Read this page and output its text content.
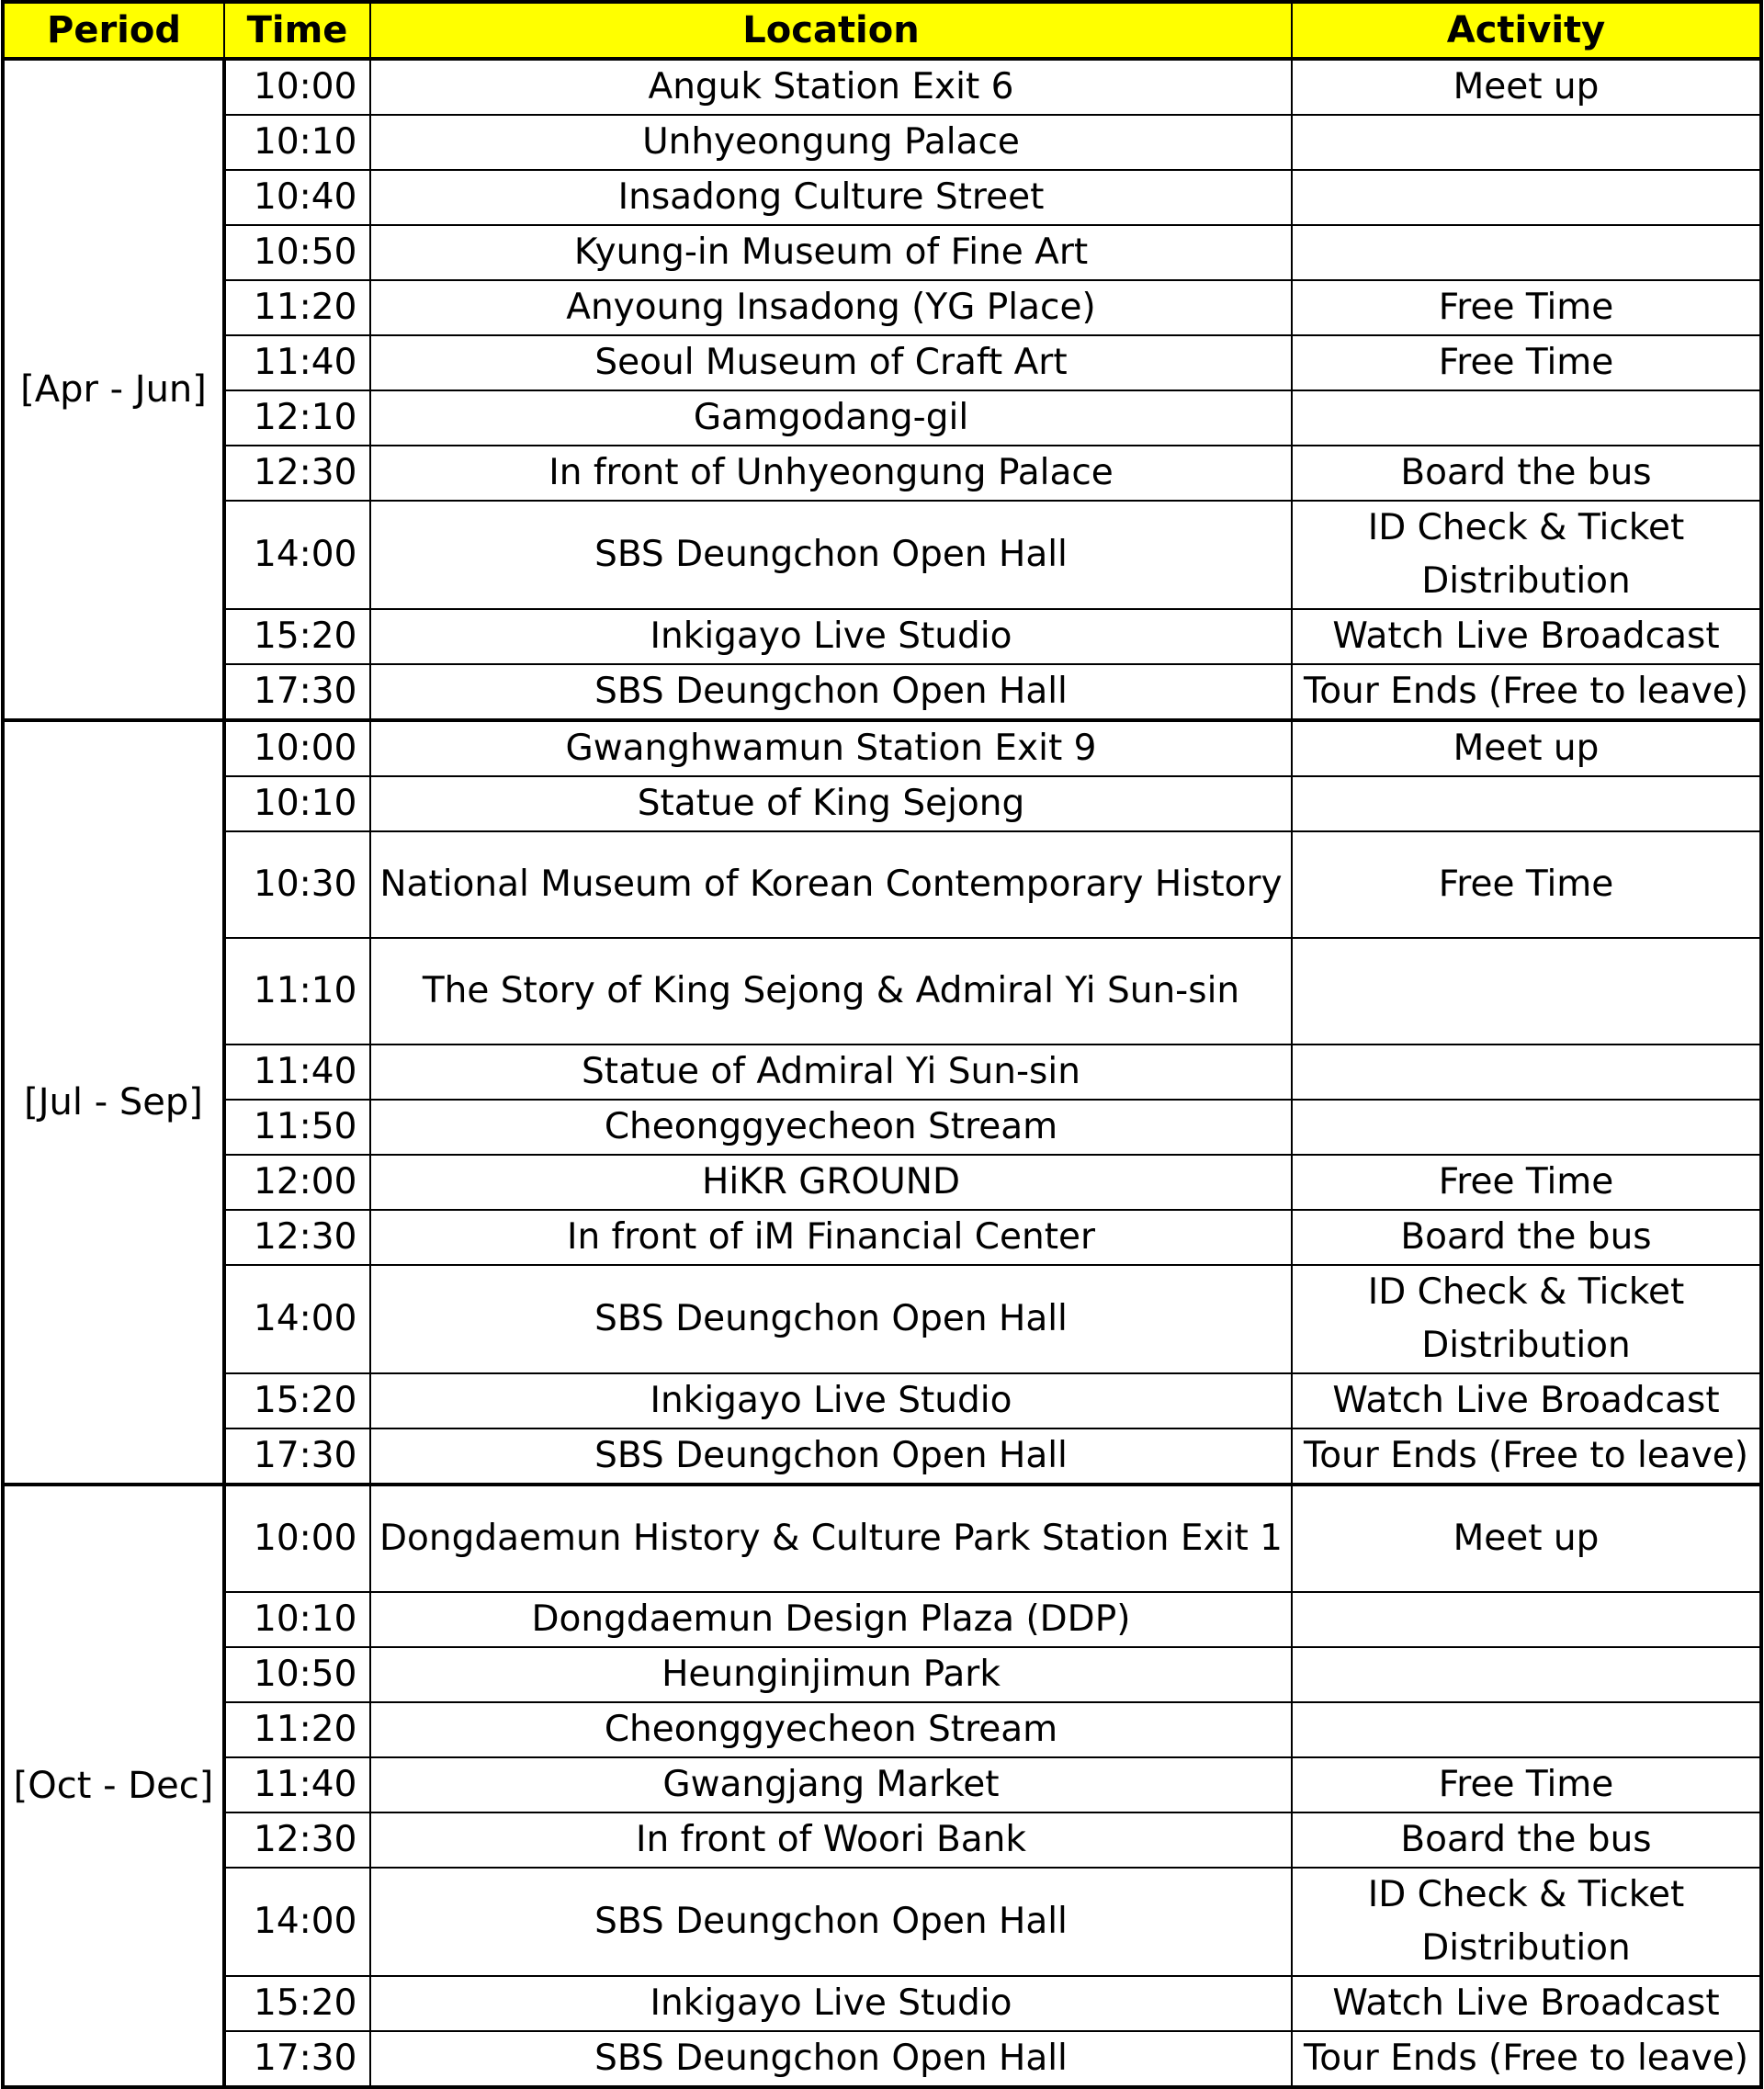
Period	Time	Location	Activity
[Apr - Jun]	10:00	Anguk Station Exit 6	Meet up
	10:10	Unhyeongung Palace	
	10:40	Insadong Culture Street	
	10:50	Kyung-in Museum of Fine Art	
	11:20	Anyoung Insadong (YG Place)	Free Time
	11:40	Seoul Museum of Craft Art	Free Time
	12:10	Gamgodang-gil	
	12:30	In front of Unhyeongung Palace	Board the bus
	14:00	SBS Deungchon Open Hall	ID Check & Ticket Distribution
	15:20	Inkigayo Live Studio	Watch Live Broadcast
	17:30	SBS Deungchon Open Hall	Tour Ends (Free to leave)
[Jul - Sep]	10:00	Gwanghwamun Station Exit 9	Meet up
	10:10	Statue of King Sejong	
	10:30	National Museum of Korean Contemporary History	Free Time
	11:10	The Story of King Sejong & Admiral Yi Sun-sin	
	11:40	Statue of Admiral Yi Sun-sin	
	11:50	Cheonggyecheon Stream	
	12:00	HiKR GROUND	Free Time
	12:30	In front of iM Financial Center	Board the bus
	14:00	SBS Deungchon Open Hall	ID Check & Ticket Distribution
	15:20	Inkigayo Live Studio	Watch Live Broadcast
	17:30	SBS Deungchon Open Hall	Tour Ends (Free to leave)
[Oct - Dec]	10:00	Dongdaemun History & Culture Park Station Exit 1	Meet up
	10:10	Dongdaemun Design Plaza (DDP)	
	10:50	Heunginjimun Park	
	11:20	Cheonggyecheon Stream	
	11:40	Gwangjang Market	Free Time
	12:30	In front of Woori Bank	Board the bus
	14:00	SBS Deungchon Open Hall	ID Check & Ticket Distribution
	15:20	Inkigayo Live Studio	Watch Live Broadcast
	17:30	SBS Deungchon Open Hall	Tour Ends (Free to leave)
